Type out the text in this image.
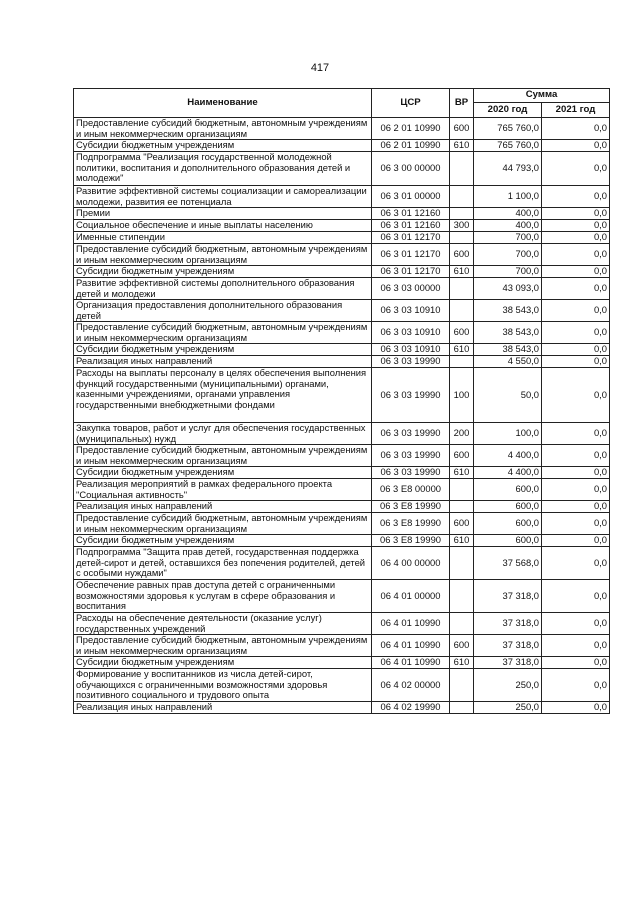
417
Наименование	ЦСР	ВР	Сумма	
			2020 год	2021 год
Предоставление субсидий бюджетным, автономным учреждениям и иным некоммерческим организациям	06 2 01 10990	600	765 760,0	0,0
Субсидии бюджетным учреждениям	06 2 01 10990	610	765 760,0	0,0
Подпрограмма "Реализация государственной молодежной политики, воспитания и дополнительного образования детей и молодежи"	06 3 00 00000		44 793,0	0,0
Развитие эффективной системы социализации и самореализации молодежи, развития ее потенциала	06 3 01 00000		1 100,0	0,0
Премии	06 3 01 12160		400,0	0,0
Социальное обеспечение и иные выплаты населению	06 3 01 12160	300	400,0	0,0
Именные стипендии	06 3 01 12170		700,0	0,0
Предоставление субсидий бюджетным, автономным учреждениям и иным некоммерческим организациям	06 3 01 12170	600	700,0	0,0
Субсидии бюджетным учреждениям	06 3 01 12170	610	700,0	0,0
Развитие эффективной системы дополнительного образования детей и молодежи	06 3 03 00000		43 093,0	0,0
Организация предоставления дополнительного образования детей	06 3 03 10910		38 543,0	0,0
Предоставление субсидий бюджетным, автономным учреждениям и иным некоммерческим организациям	06 3 03 10910	600	38 543,0	0,0
Субсидии бюджетным учреждениям	06 3 03 10910	610	38 543,0	0,0
Реализация иных направлений	06 3 03 19990		4 550,0	0,0
Расходы на выплаты персоналу в целях обеспечения выполнения функций государственными (муниципальными) органами, казенными учреждениями, органами управления государственными внебюджетными фондами	06 3 03 19990	100	50,0	0,0
Закупка товаров, работ и услуг для обеспечения государственных (муниципальных) нужд	06 3 03 19990	200	100,0	0,0
Предоставление субсидий бюджетным, автономным учреждениям и иным некоммерческим организациям	06 3 03 19990	600	4 400,0	0,0
Субсидии бюджетным учреждениям	06 3 03 19990	610	4 400,0	0,0
Реализация мероприятий в рамках федерального проекта "Социальная активность"	06 3 E8 00000		600,0	0,0
Реализация иных направлений	06 3 E8 19990		600,0	0,0
Предоставление субсидий бюджетным, автономным учреждениям и иным некоммерческим организациям	06 3 E8 19990	600	600,0	0,0
Субсидии бюджетным учреждениям	06 3 E8 19990	610	600,0	0,0
Подпрограмма "Защита прав детей, государственная поддержка детей-сирот и детей, оставшихся без попечения родителей, детей с особыми нуждами"	06 4 00 00000		37 568,0	0,0
Обеспечение равных прав доступа детей с ограниченными возможностями здоровья к услугам в сфере образования и воспитания	06 4 01 00000		37 318,0	0,0
Расходы на обеспечение деятельности (оказание услуг) государственных учреждений	06 4 01 10990		37 318,0	0,0
Предоставление субсидий бюджетным, автономным учреждениям и иным некоммерческим организациям	06 4 01 10990	600	37 318,0	0,0
Субсидии бюджетным учреждениям	06 4 01 10990	610	37 318,0	0,0
Формирование у воспитанников из числа детей-сирот, обучающихся с ограниченными возможностями здоровья позитивного социального и трудового опыта	06 4 02 00000		250,0	0,0
Реализация иных направлений	06 4 02 19990		250,0	0,0
